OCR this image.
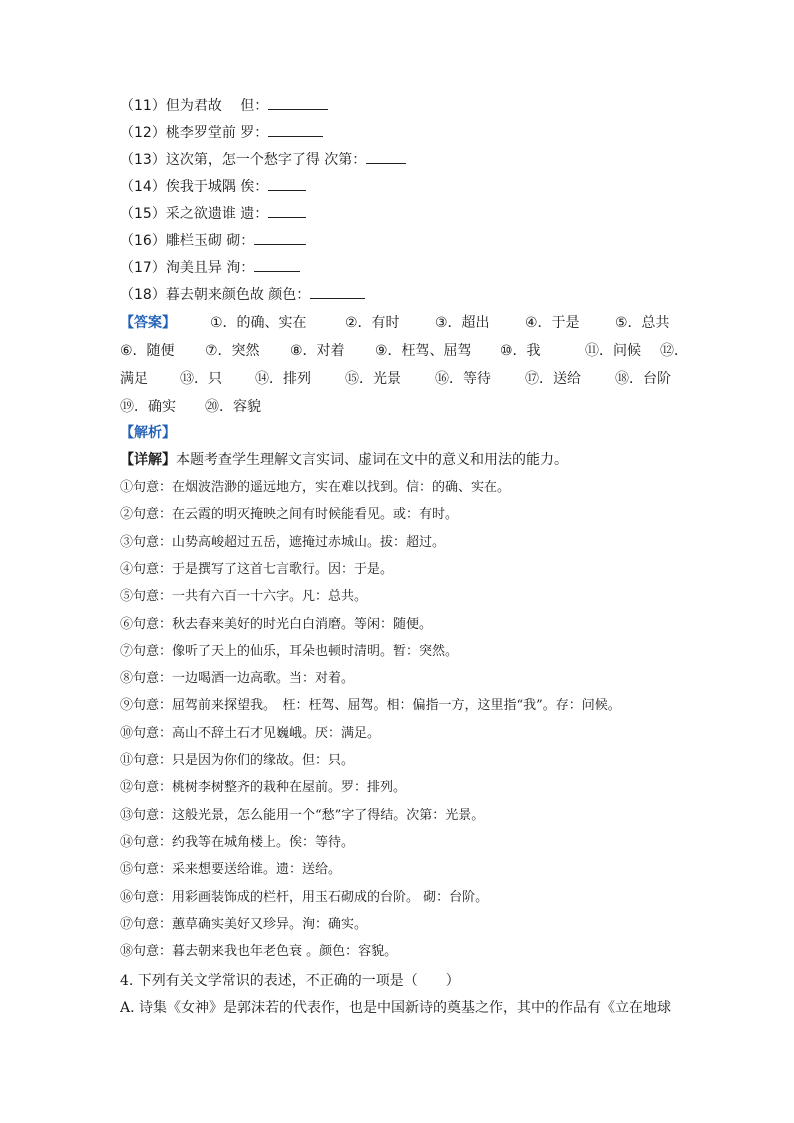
（11）但为君故　 但：
（12）桃李罗堂前 罗：
（13）这次第，怎一个愁字了得 次第：
（14）俟我于城隅 俟：
（15）采之欲遗谁 遗：
（16）雕栏玉砌 砌：
（17）洵美且异 洵：
（18）暮去朝来颜色故 颜色：
【答案】 ①．的确、实在	②．有时	③．超出	④．于是	⑤．总共
⑥．随便 ⑦．突然 ⑧．对着 ⑨．枉驾、屈驾 ⑩．我	⑪．问候 ⑫．
满足 ⑬．只 ⑭．排列 ⑮．光景 ⑯．等待 ⑰．送给 ⑱．台阶
⑲．确实 ⑳．容貌
【解析】
【详解】本题考查学生理解文言实词、虚词在文中的意义和用法的能力。
①句意：在烟波浩渺的遥远地方，实在难以找到。信：的确、实在。
②句意：在云霞的明灭掩映之间有时候能看见。或：有时。
③句意：山势高峻超过五岳，遮掩过赤城山。拔：超过。
④句意：于是撰写了这首七言歌行。因：于是。
⑤句意：一共有六百一十六字。凡：总共。
⑥句意：秋去春来美好的时光白白消磨。等闲：随便。
⑦句意：像听了天上的仙乐，耳朵也顿时清明。暂：突然。
⑧句意：一边喝酒一边高歌。当：对着。
⑨句意：屈驾前来探望我。　枉：枉驾、屈驾。相：偏指一方，这里指“我”。存：问候。
⑩句意：高山不辞土石才见巍峨。厌：满足。
⑪句意：只是因为你们的缘故。但：只。
⑫句意：桃树李树整齐的栽种在屋前。罗：排列。
⑬句意：这般光景，怎么能用一个“愁”字了得结。次第：光景。
⑭句意：约我等在城角楼上。俟：等待。
⑮句意：采来想要送给谁。遗：送给。
⑯句意：用彩画装饰成的栏杆，用玉石砌成的台阶。 砌：台阶。
⑰句意：蕙草确实美好又珍异。洵：确实。
⑱句意：暮去朝来我也年老色衰 。颜色：容貌。
4. 下列有关文学常识的表述，不正确的一项是（　　）
A. 诗集《女神》是郭沫若的代表作，也是中国新诗的奠基之作，其中的作品有《立在地球
